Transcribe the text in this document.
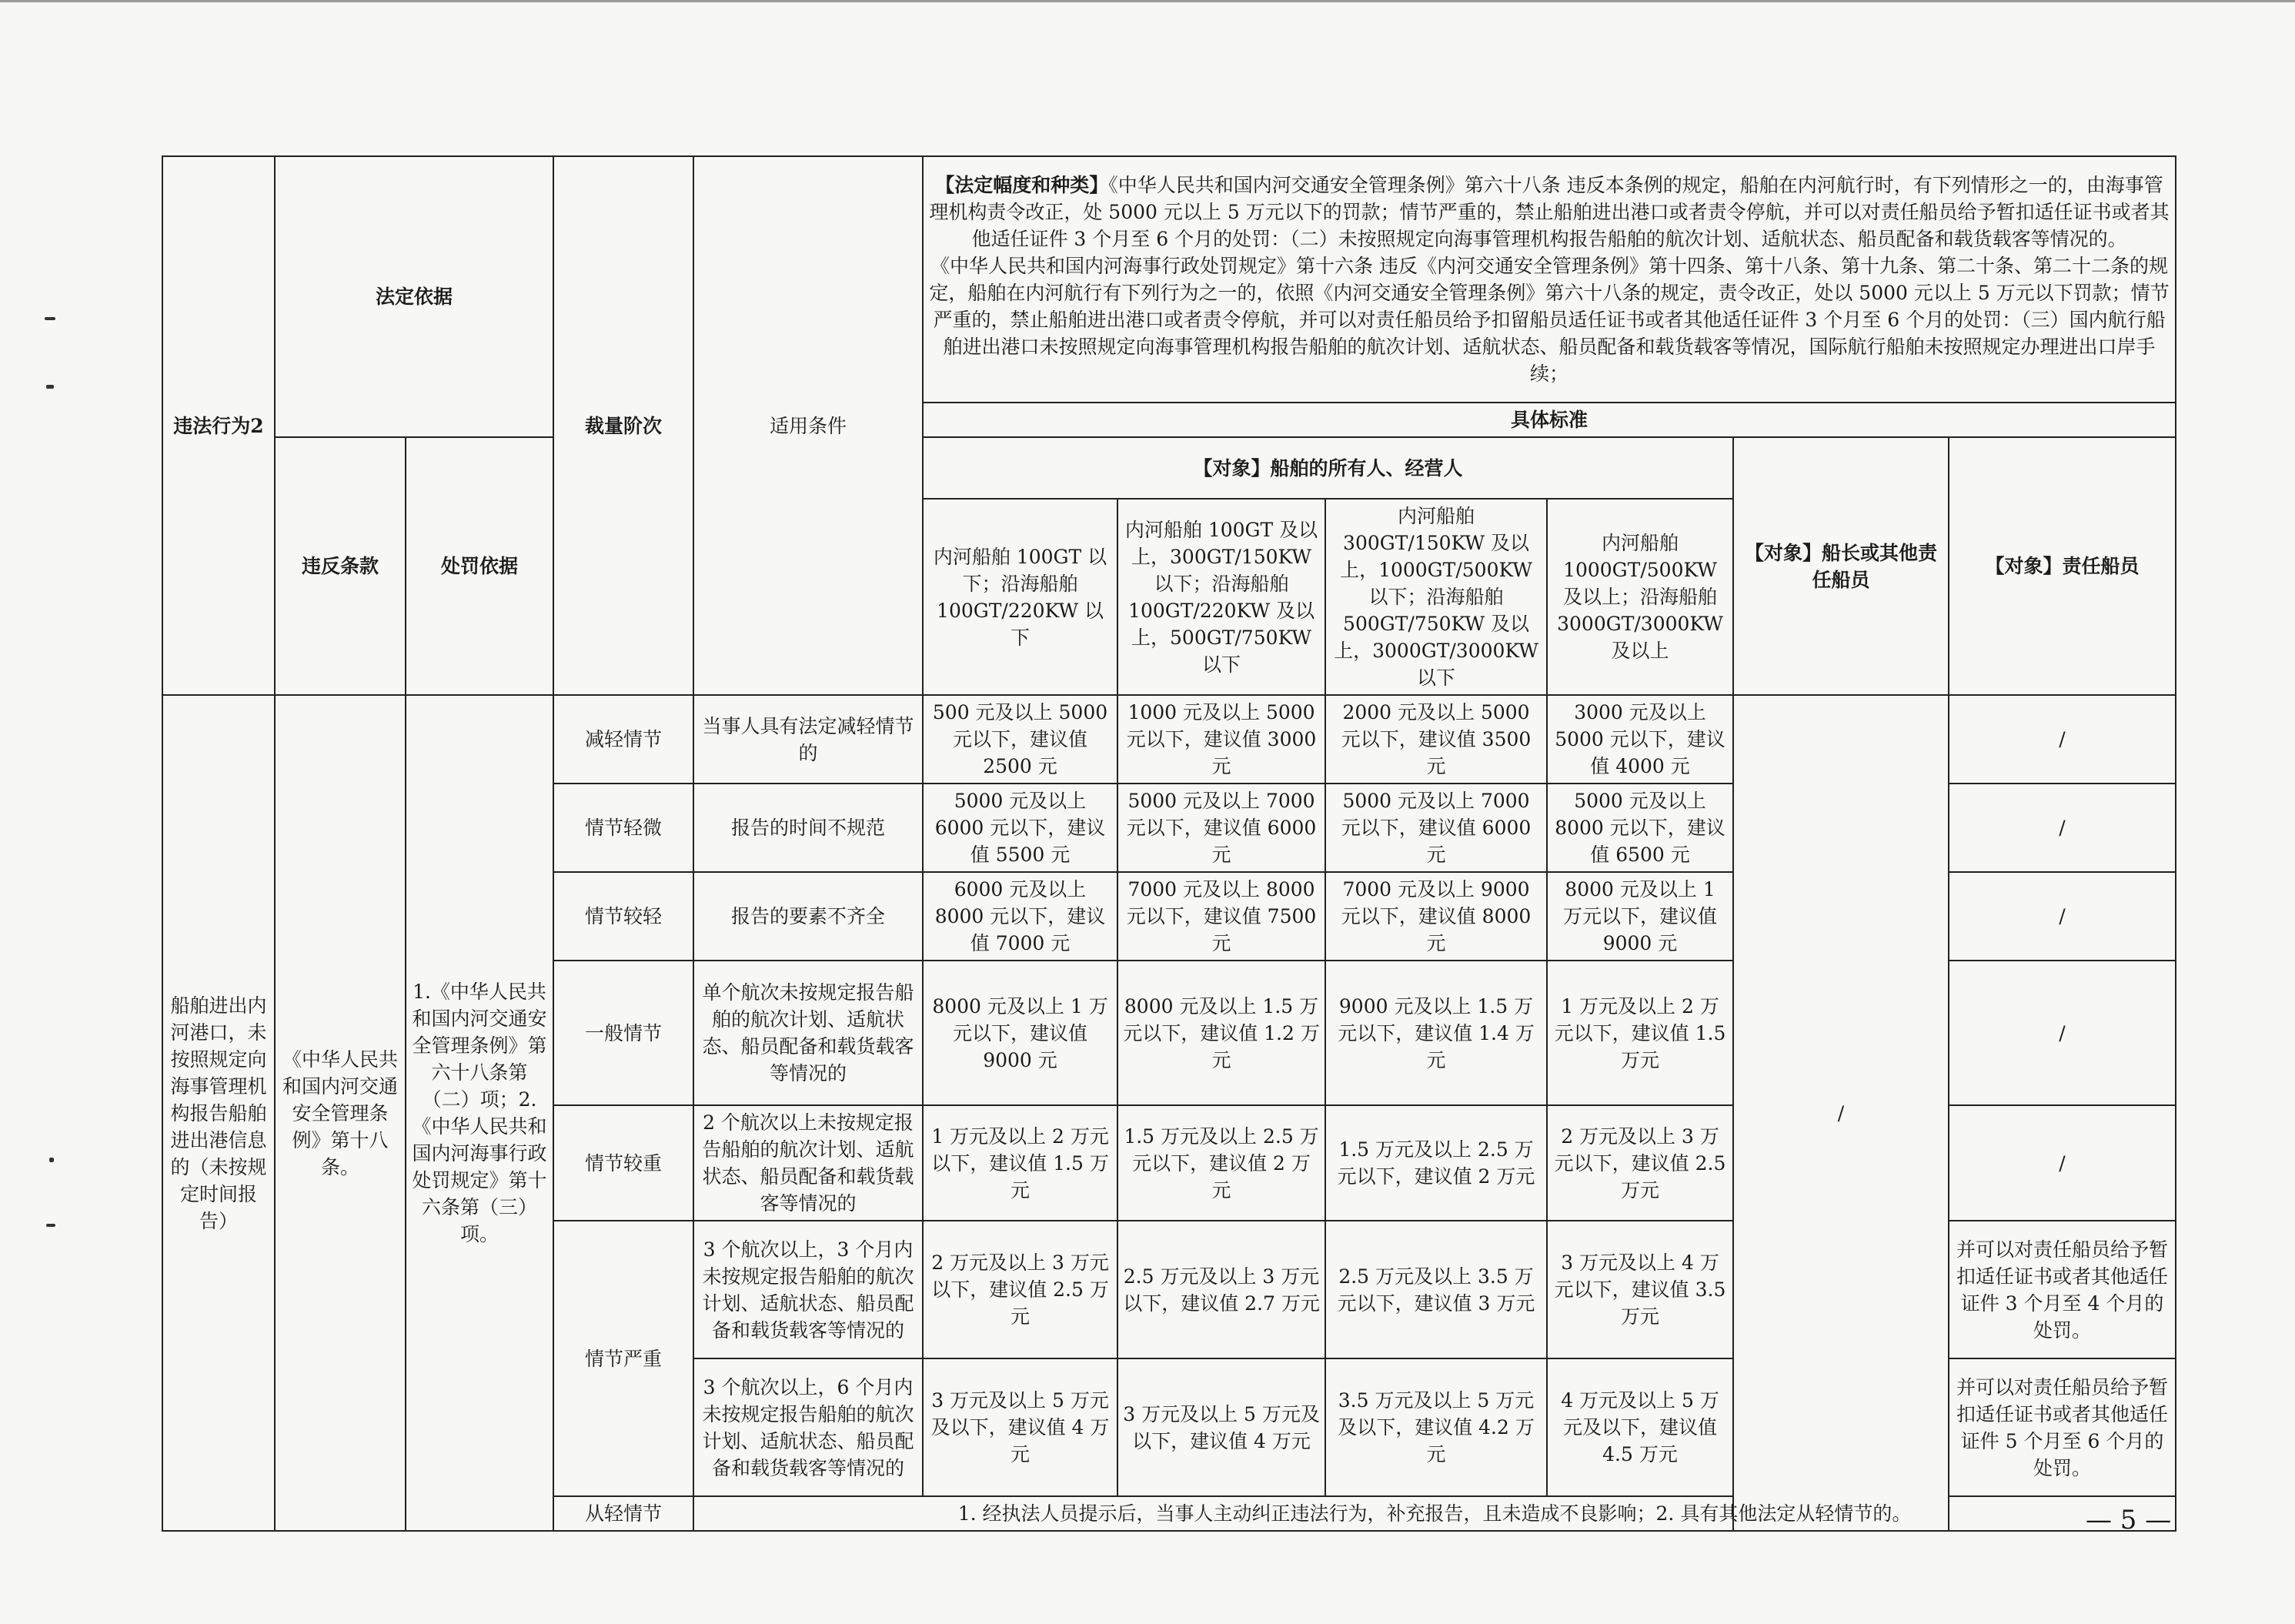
违法行为2	法定依据		裁量阶次	适用条件	【法定幅度和种类】《中华人民共和国内河交通安全管理条例》第六十八条 违反本条例的规定，船舶在内河航行时，有下列情形之一的，由海事管理机构责令改正，处 5000 元以上 5 万元以下的罚款；情节严重的，禁止船舶进出港口或者责令停航，并可以对责任船员给予暂扣适任证书或者其他适任证件 3 个月至 6 个月的处罚：（二）未按照规定向海事管理机构报告船舶的航次计划、适航状态、船员配备和载货载客等情况的。

《中华人民共和国内河海事行政处罚规定》第十六条 违反《内河交通安全管理条例》第十四条、第十八条、第十九条、第二十条、第二十二条的规定，船舶在内河航行有下列行为之一的，依照《内河交通安全管理条例》第六十八条的规定，责令改正，处以 5000 元以上 5 万元以下罚款；情节严重的，禁止船舶进出港口或者责令停航，并可以对责任船员给予扣留船员适任证书或者其他适任证件 3 个月至 6 个月的处罚：（三）国内航行船舶进出港口未按照规定向海事管理机构报告船舶的航次计划、适航状态、船员配备和载货载客等情况，国际航行船舶未按照规定办理进出口岸手续；					

					具体标准					
	违反条款	处罚依据			【对象】船舶的所有人、经营人				【对象】船长或其他责任船员	【对象】责任船员
					内河船舶 100GT 以下；沿海船舶 100GT/220KW 以下	内河船舶 100GT 及以上，300GT/150KW 以下；沿海船舶 100GT/220KW 及以上，500GT/750KW 以下	内河船舶 300GT/150KW 及以上，1000GT/500KW 以下；沿海船舶 500GT/750KW 及以上，3000GT/3000KW 以下	内河船舶 1000GT/500KW 及以上；沿海船舶 3000GT/3000KW 及以上		
船舶进出内河港口，未按照规定向海事管理机构报告船舶进出港信息的（未按规定时间报告）	《中华人民共和国内河交通安全管理条例》第十八条。	1.《中华人民共和国内河交通安全管理条例》第六十八条第（二）项；2.《中华人民共和国内河海事行政处罚规定》第十六条第（三）项。	减轻情节	当事人具有法定减轻情节的	500 元及以上 5000 元以下，建议值 2500 元	1000 元及以上 5000 元以下，建议值 3000 元	2000 元及以上 5000 元以下，建议值 3500 元	3000 元及以上 5000 元以下，建议值 4000 元	/	/
			情节轻微	报告的时间不规范	5000 元及以上 6000 元以下，建议值 5500 元	5000 元及以上 7000 元以下，建议值 6000 元	5000 元及以上 7000 元以下，建议值 6000 元	5000 元及以上 8000 元以下，建议值 6500 元		/
			情节较轻	报告的要素不齐全	6000 元及以上 8000 元以下，建议值 7000 元	7000 元及以上 8000 元以下，建议值 7500 元	7000 元及以上 9000 元以下，建议值 8000 元	8000 元及以上 1 万元以下，建议值 9000 元		/
			一般情节	单个航次未按规定报告船舶的航次计划、适航状态、船员配备和载货载客等情况的	8000 元及以上 1 万元以下，建议值 9000 元	8000 元及以上 1.5 万元以下，建议值 1.2 万元	9000 元及以上 1.5 万元以下，建议值 1.4 万元	1 万元及以上 2 万元以下，建议值 1.5 万元		/
			情节较重	2 个航次以上未按规定报告船舶的航次计划、适航状态、船员配备和载货载客等情况的	1 万元及以上 2 万元以下，建议值 1.5 万元	1.5 万元及以上 2.5 万元以下，建议值 2 万元	1.5 万元及以上 2.5 万元以下，建议值 2 万元	2 万元及以上 3 万元以下，建议值 2.5 万元		/
			情节严重	3 个航次以上，3 个月内未按规定报告船舶的航次计划、适航状态、船员配备和载货载客等情况的	2 万元及以上 3 万元以下，建议值 2.5 万元	2.5 万元及以上 3 万元以下，建议值 2.7 万元	2.5 万元及以上 3.5 万元以下，建议值 3 万元	3 万元及以上 4 万元以下，建议值 3.5 万元		并可以对责任船员给予暂扣适任证书或者其他适任证件 3 个月至 4 个月的处罚。
				3 个航次以上，6 个月内未按规定报告船舶的航次计划、适航状态、船员配备和载货载客等情况的	3 万元及以上 5 万元及以下，建议值 4 万元	3 万元及以上 5 万元及以下，建议值 4 万元	3.5 万元及以上 5 万元及以下，建议值 4.2 万元	4 万元及以上 5 万元及以下，建议值 4.5 万元		并可以对责任船员给予暂扣适任证书或者其他适任证件 5 个月至 6 个月的处罚。
			从轻情节	1. 经执法人员提示后，当事人主动纠正违法行为，补充报告，且未造成不良影响；2. 具有其他法定从轻情节的。							— 5 —
